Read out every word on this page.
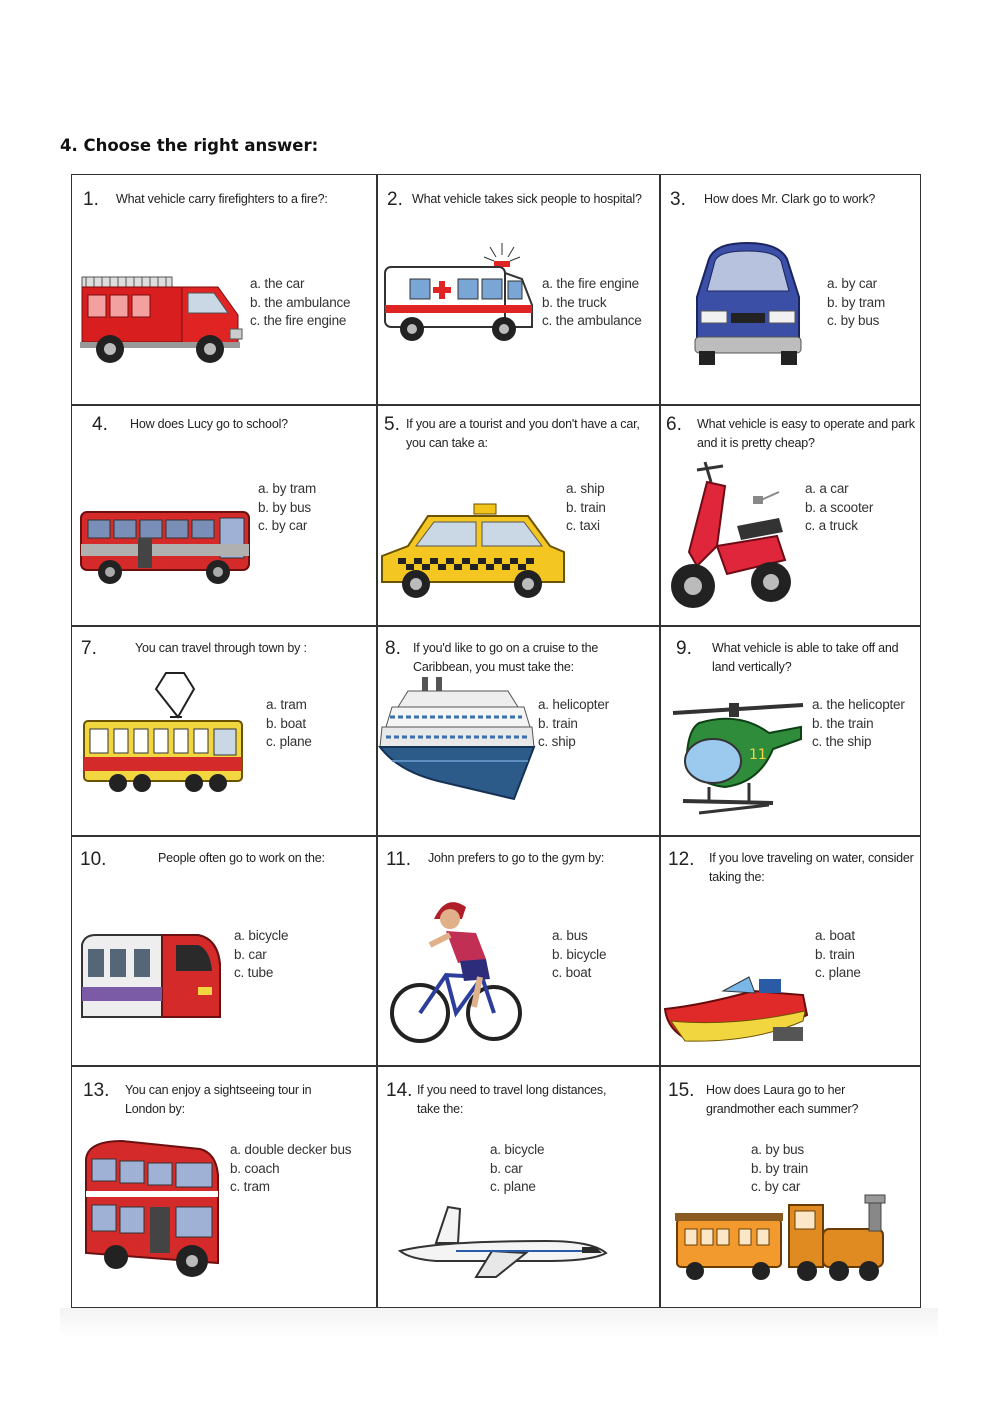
4. Choose the right answer:
1. What vehicle carry firefighters to a fire?:
a. the car
b. the ambulance
c. the fire engine
2. What vehicle takes sick people to hospital?
a. the fire engine
b. the truck
c. the ambulance
3. How does Mr. Clark go to work?
a. by car
b. by tram
c. by bus
4. How does Lucy go to school?
a. by tram
b. by bus
c. by car
5. If you are a tourist and you don't have a car, you can take a:
a. ship
b. train
c. taxi
6. What vehicle is easy to operate and park and it is pretty cheap?
a. a car
b. a scooter
c. a truck
7.	You can travel through town by :
a. tram
b. boat
c. plane
8. If you'd like to go on a cruise to the Caribbean, you must take the:
a. helicopter
b. train
c. ship
9. What vehicle is able to take off and land vertically?
11
a. the helicopter
b. the train
c. the ship
10.	People often go to work on the:
a. bicycle
b. car
c. tube
11. John prefers to go to the gym by:
a. bus
b. bicycle
c. boat
12. If you love traveling on water, consider taking the:
a. boat
b. train
c. plane
13. You can enjoy a sightseeing tour in London by:
a. double decker bus
b. coach
c. tram
14. If you need to travel long distances, take the:
a. bicycle
b. car
c. plane
15. How does Laura go to her grandmother each summer?
a. by bus
b. by train
c. by car
